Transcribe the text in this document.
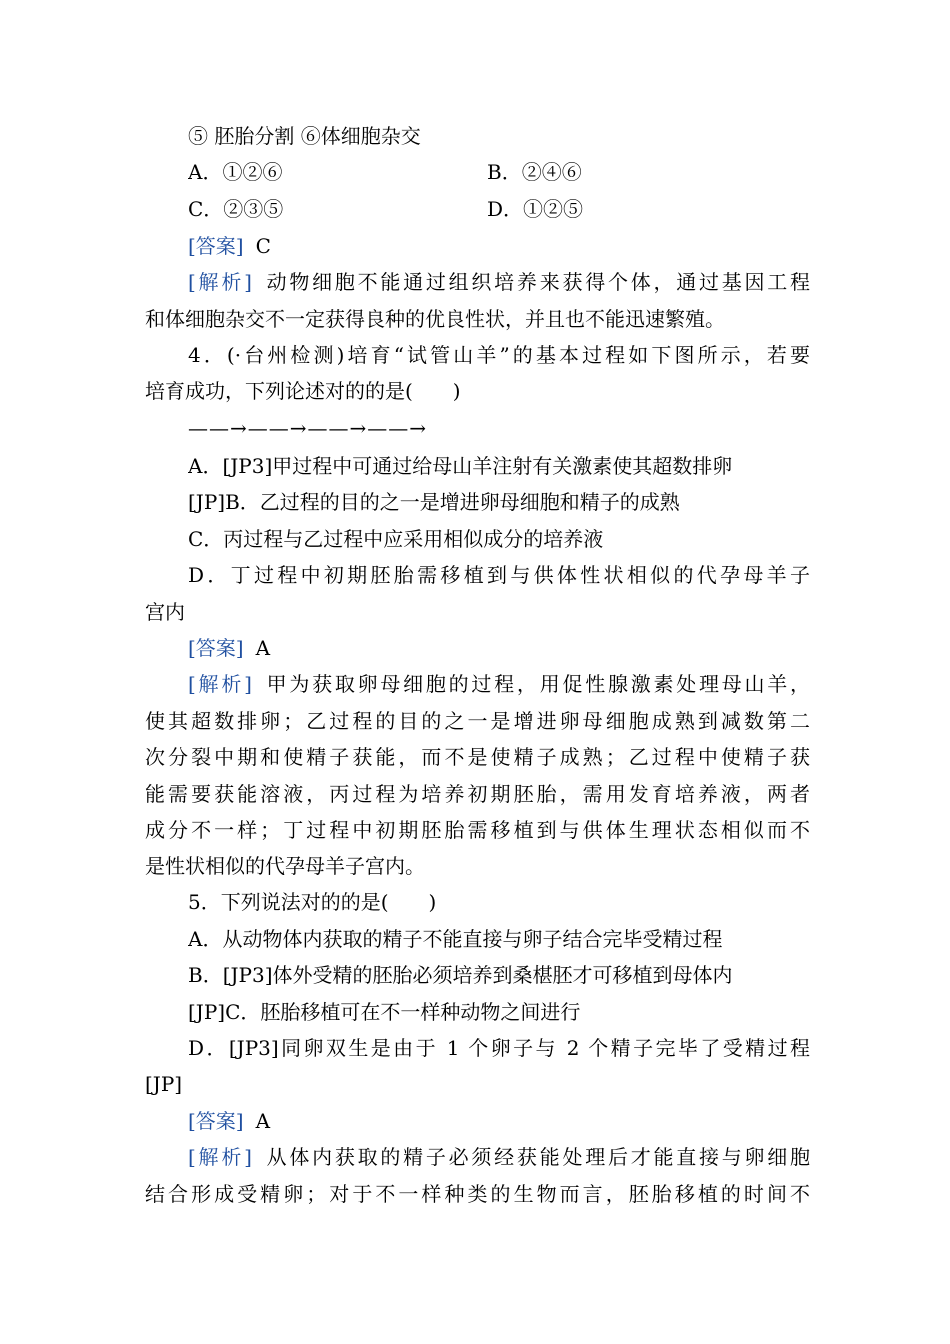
⑤ 胚胎分割 ⑥体细胞杂交
A．①②⑥	B．②④⑥
C．②③⑤	D．①②⑤
[答案] C
[解析] 动物细胞不能通过组织培养来获得个体，通过基因工程
和体细胞杂交不一定获得良种的优良性状，并且也不能迅速繁殖。
4．(·台州检测)培育“试管山羊”的基本过程如下图所示，若要
培育成功，下列论述对的的是(　　)
——→——→——→——→
A．[JP3]甲过程中可通过给母山羊注射有关激素使其超数排卵
[JP]B．乙过程的目的之一是增进卵母细胞和精子的成熟
C．丙过程与乙过程中应采用相似成分的培养液
D．丁过程中初期胚胎需移植到与供体性状相似的代孕母羊子
宫内
[答案] A
[解析] 甲为获取卵母细胞的过程，用促性腺激素处理母山羊，
使其超数排卵；乙过程的目的之一是增进卵母细胞成熟到减数第二
次分裂中期和使精子获能，而不是使精子成熟；乙过程中使精子获
能需要获能溶液，丙过程为培养初期胚胎，需用发育培养液，两者
成分不一样；丁过程中初期胚胎需移植到与供体生理状态相似而不
是性状相似的代孕母羊子宫内。
5．下列说法对的的是(　　)
A．从动物体内获取的精子不能直接与卵子结合完毕受精过程
B．[JP3]体外受精的胚胎必须培养到桑椹胚才可移植到母体内
[JP]C．胚胎移植可在不一样种动物之间进行
D．[JP3]同卵双生是由于 1 个卵子与 2 个精子完毕了受精过程
[JP]
[答案] A
[解析] 从体内获取的精子必须经获能处理后才能直接与卵细胞
结合形成受精卵；对于不一样种类的生物而言，胚胎移植的时间不
